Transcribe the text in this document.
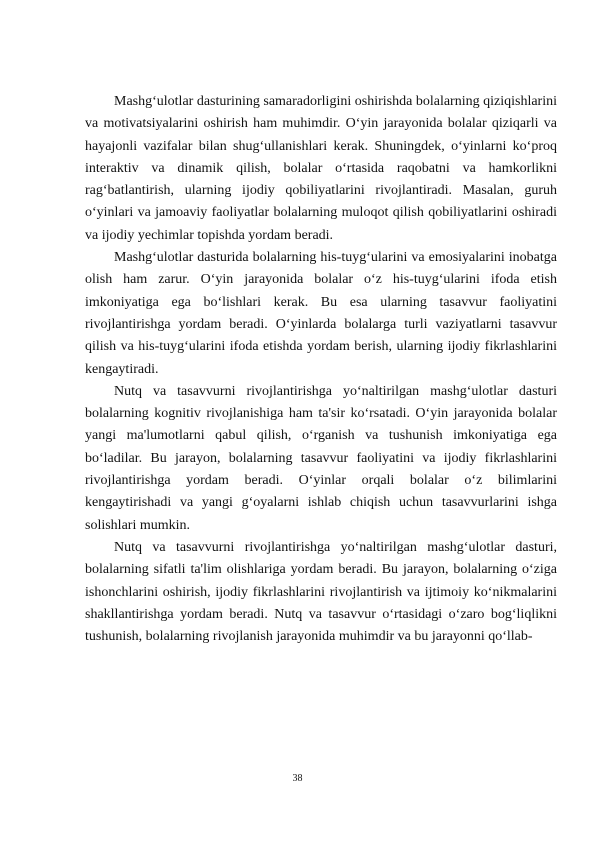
Mashg‘ulotlar dasturining samaradorligini oshirishda bolalarning qiziqishlarini va motivatsiyalarini oshirish ham muhimdir. O‘yin jarayonida bolalar qiziqarli va hayajonli vazifalar bilan shug‘ullanishlari kerak. Shuningdek, o‘yinlarni ko‘proq interaktiv va dinamik qilish, bolalar o‘rtasida raqobatni va hamkorlikni rag‘batlantirish, ularning ijodiy qobiliyatlarini rivojlantiradi. Masalan, guruh o‘yinlari va jamoaviy faoliyatlar bolalarning muloqot qilish qobiliyatlarini oshiradi va ijodiy yechimlar topishda yordam beradi.

Mashg‘ulotlar dasturida bolalarning his-tuyg‘ularini va emosiyalarini inobatga olish ham zarur. O‘yin jarayonida bolalar o‘z his-tuyg‘ularini ifoda etish imkoniyatiga ega bo‘lishlari kerak. Bu esa ularning tasavvur faoliyatini rivojlantirishga yordam beradi. O‘yinlarda bolalarga turli vaziyatlarni tasavvur qilish va his-tuyg‘ularini ifoda etishda yordam berish, ularning ijodiy fikrlashlarini kengaytiradi.

Nutq va tasavvurni rivojlantirishga yo‘naltirilgan mashg‘ulotlar dasturi bolalarning kognitiv rivojlanishiga ham ta'sir ko‘rsatadi. O‘yin jarayonida bolalar yangi ma'lumotlarni qabul qilish, o‘rganish va tushunish imkoniyatiga ega bo‘ladilar. Bu jarayon, bolalarning tasavvur faoliyatini va ijodiy fikrlashlarini rivojlantirishga yordam beradi. O‘yinlar orqali bolalar o‘z bilimlarini kengaytirishadi va yangi g‘oyalarni ishlab chiqish uchun tasavvurlarini ishga solishlari mumkin.

Nutq va tasavvurni rivojlantirishga yo‘naltirilgan mashg‘ulotlar dasturi, bolalarning sifatli ta'lim olishlariga yordam beradi. Bu jarayon, bolalarning o‘ziga ishonchlarini oshirish, ijodiy fikrlashlarini rivojlantirish va ijtimoiy ko‘nikmalarini shakllantirishga yordam beradi. Nutq va tasavvur o‘rtasidagi o‘zaro bog‘liqlikni tushunish, bolalarning rivojlanish jarayonida muhimdir va bu jarayonni qo‘llab-

38
